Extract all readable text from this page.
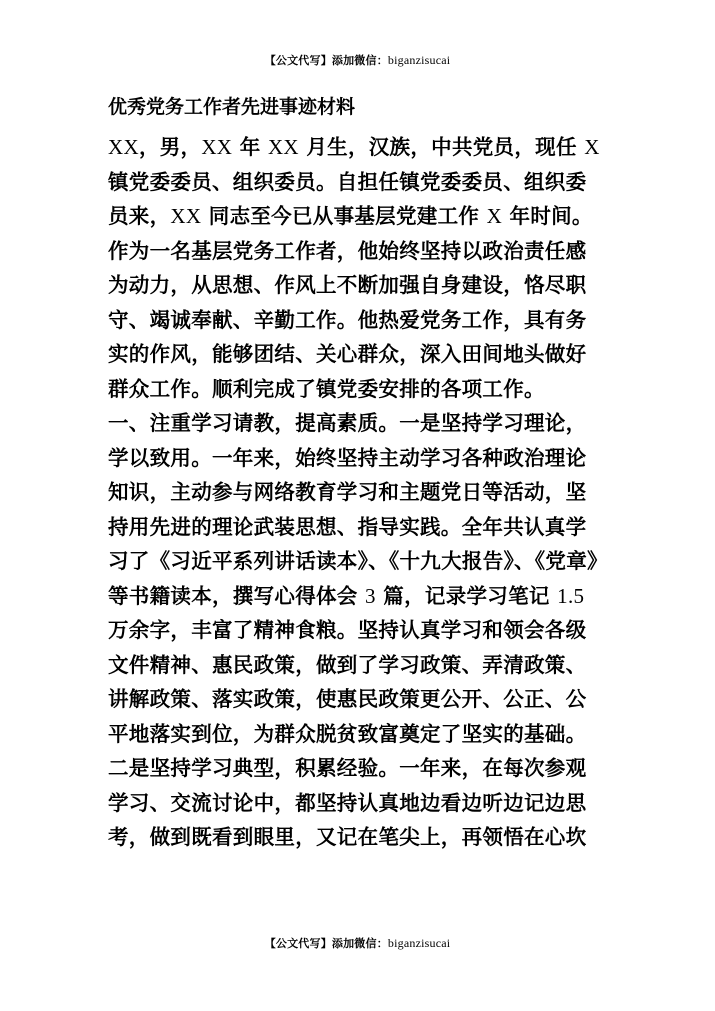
【公文代写】添加微信：biganzisucai
优秀党务工作者先进事迹材料
XX，男，XX 年 XX 月生，汉族，中共党员，现任 X
镇党委委员、组织委员。自担任镇党委委员、组织委
员来，XX 同志至今已从事基层党建工作 X 年时间。
作为一名基层党务工作者，他始终坚持以政治责任感
为动力，从思想、作风上不断加强自身建设，恪尽职
守、竭诚奉献、辛勤工作。他热爱党务工作，具有务
实的作风，能够团结、关心群众，深入田间地头做好
群众工作。顺利完成了镇党委安排的各项工作。
一、注重学习请教，提高素质。一是坚持学习理论，
学以致用。一年来，始终坚持主动学习各种政治理论
知识，主动参与网络教育学习和主题党日等活动，坚
持用先进的理论武装思想、指导实践。全年共认真学
习了《习近平系列讲话读本》、《十九大报告》、《党章》
等书籍读本，撰写心得体会 3 篇，记录学习笔记 1.5
万余字，丰富了精神食粮。坚持认真学习和领会各级
文件精神、惠民政策，做到了学习政策、弄清政策、
讲解政策、落实政策，使惠民政策更公开、公正、公
平地落实到位，为群众脱贫致富奠定了坚实的基础。
二是坚持学习典型，积累经验。一年来，在每次参观
学习、交流讨论中，都坚持认真地边看边听边记边思
考，做到既看到眼里，又记在笔尖上，再领悟在心坎
【公文代写】添加微信：biganzisucai
